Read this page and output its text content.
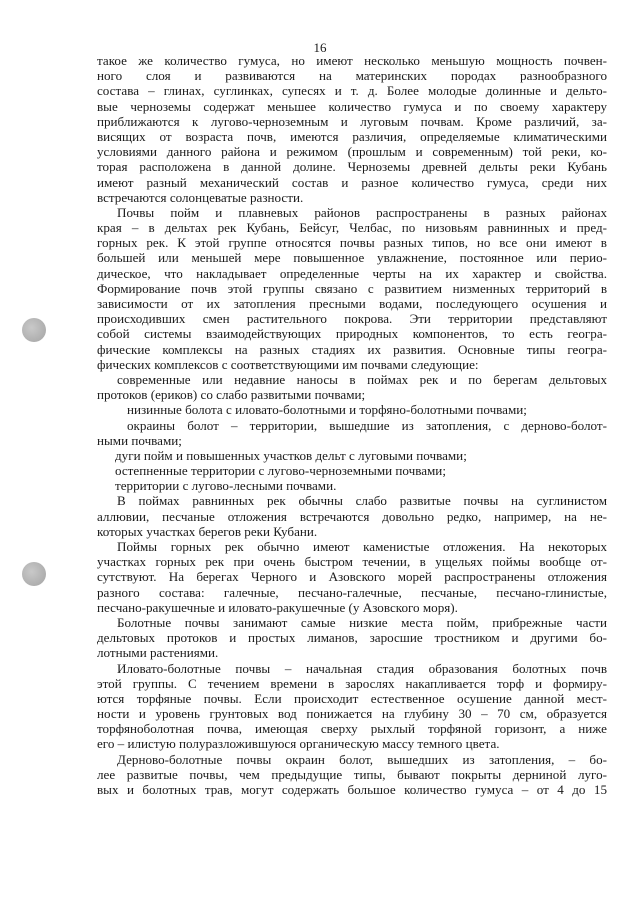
16
такое же количество гумуса, но имеют несколько меньшую мощность почвен-
ного слоя и развиваются на материнских породах разнообразного
состава – глинах, суглинках, супесях и т. д. Более молодые долинные и дельто-
вые черноземы содержат меньшее количество гумуса и по своему характеру
приближаются к лугово-черноземным и луговым почвам. Кроме различий, за-
висящих от возраста почв, имеются различия, определяемые климатическими
условиями данного района и режимом (прошлым и современным) той реки, ко-
торая расположена в данной долине. Черноземы древней дельты реки Кубань
имеют разный механический состав и разное количество гумуса, среди них
встречаются солонцеватые разности.
Почвы пойм и плавневых районов распространены в разных районах
края – в дельтах рек Кубань, Бейсуг, Челбас, по низовьям равнинных и пред-
горных рек. К этой группе относятся почвы разных типов, но все они имеют в
большей или меньшей мере повышенное увлажнение, постоянное или перио-
дическое, что накладывает определенные черты на их характер и свойства.
Формирование почв этой группы связано с развитием низменных территорий в
зависимости от их затопления пресными водами, последующего осушения и
происходивших смен растительного покрова. Эти территории представляют
собой системы взаимодействующих природных компонентов, то есть геогра-
фические комплексы на разных стадиях их развития. Основные типы геогра-
фических комплексов с соответствующими им почвами следующие:
современные или недавние наносы в поймах рек и по берегам дельтовых
протоков (ериков) со слабо развитыми почвами;
низинные болота с иловато-болотными и торфяно-болотными почвами;
окраины болот – территории, вышедшие из затопления, с дерново-болот-
ными почвами;
дуги пойм и повышенных участков дельт с луговыми почвами;
остепненные территории с лугово-черноземными почвами;
территории с лугово-лесными почвами.
В поймах равнинных рек обычны слабо развитые почвы на суглинистом
аллювии, песчаные отложения встречаются довольно редко, например, на не-
которых участках берегов реки Кубани.
Поймы горных рек обычно имеют каменистые отложения. На некоторых
участках горных рек при очень быстром течении, в ущельях поймы вообще от-
сутствуют. На берегах Черного и Азовского морей распространены отложения
разного состава: галечные, песчано-галечные, песчаные, песчано-глинистые,
песчано-ракушечные и иловато-ракушечные (у Азовского моря).
Болотные почвы занимают самые низкие места пойм, прибрежные части
дельтовых протоков и простых лиманов, заросшие тростником и другими бо-
лотными растениями.
Иловато-болотные почвы – начальная стадия образования болотных почв
этой группы. С течением времени в зарослях накапливается торф и формиру-
ются торфяные почвы. Если происходит естественное осушение данной мест-
ности и уровень грунтовых вод понижается на глубину 30 – 70 см, образуется
торфянoболотная почва, имеющая сверху рыхлый торфяной горизонт, а ниже
его – илистую полуразложившуюся органическую массу темного цвета.
Дерново-болотные почвы окраин болот, вышедших из затопления, – бо-
лее развитые почвы, чем предыдущие типы, бывают покрыты дерниной луго-
вых и болотных трав, могут содержать большое количество гумуса – от 4 до 15
